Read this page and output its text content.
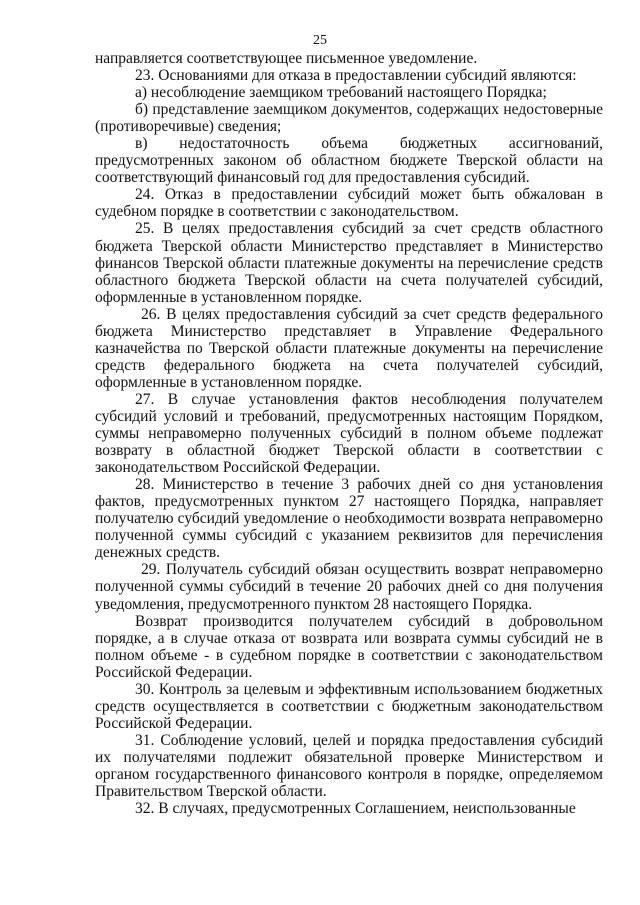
25

направляется соответствующее письменное уведомление.

23. Основаниями для отказа в предоставлении субсидий являются:

а) несоблюдение заемщиком требований настоящего Порядка;

б) представление заемщиком документов, содержащих недостоверные (противоречивые) сведения;

в) недостаточность объема бюджетных ассигнований, предусмотренных законом об областном бюджете Тверской области на соответствующий финансовый год для предоставления субсидий.

24. Отказ в предоставлении субсидий может быть обжалован в судебном порядке в соответствии с законодательством.

25. В целях предоставления субсидий за счет средств областного бюджета Тверской области Министерство представляет в Министерство финансов Тверской области платежные документы на перечисление средств областного бюджета Тверской области на счета получателей субсидий, оформленные в установленном порядке.

26. В целях предоставления субсидий за счет средств федерального бюджета Министерство представляет в Управление Федерального казначейства по Тверской области платежные документы на перечисление средств федерального бюджета на счета получателей субсидий, оформленные в установленном порядке.

27. В случае установления фактов несоблюдения получателем субсидий условий и требований, предусмотренных настоящим Порядком, суммы неправомерно полученных субсидий в полном объеме подлежат возврату в областной бюджет Тверской области в соответствии с законодательством Российской Федерации.

28. Министерство в течение 3 рабочих дней со дня установления фактов, предусмотренных пунктом 27 настоящего Порядка, направляет получателю субсидий уведомление о необходимости возврата неправомерно полученной суммы субсидий с указанием реквизитов для перечисления денежных средств.

29. Получатель субсидий обязан осуществить возврат неправомерно полученной суммы субсидий в течение 20 рабочих дней со дня получения уведомления, предусмотренного пунктом 28 настоящего Порядка.

Возврат производится получателем субсидий в добровольном порядке, а в случае отказа от возврата или возврата суммы субсидий не в полном объеме - в судебном порядке в соответствии с законодательством Российской Федерации.

30. Контроль за целевым и эффективным использованием бюджетных средств осуществляется в соответствии с бюджетным законодательством Российской Федерации.

31. Соблюдение условий, целей и порядка предоставления субсидий их получателями подлежит обязательной проверке Министерством и органом государственного финансового контроля в порядке, определяемом Правительством Тверской области.

32. В случаях, предусмотренных Соглашением, неиспользованные
